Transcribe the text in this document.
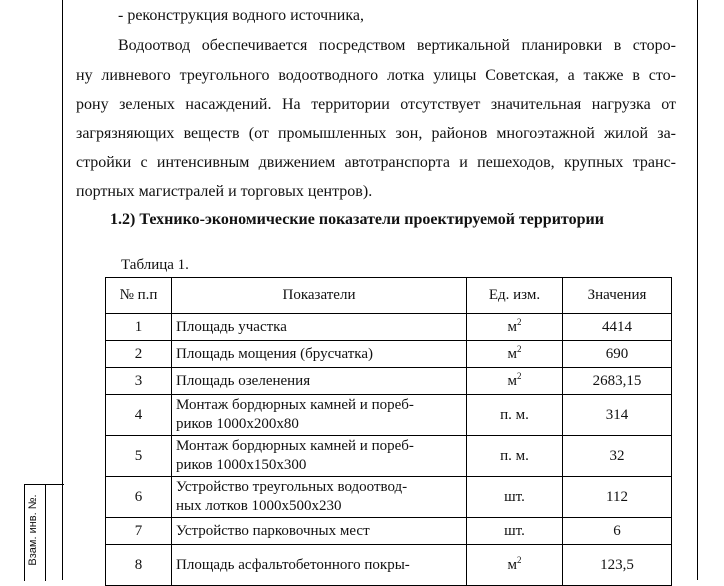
Взам. инв. №.
- реконструкция водного источника,
Водоотвод обеспечивается посредством вертикальной планировки в сторо-
ну ливневого треугольного водоотводного лотка улицы Советская, а также в сто-
рону зеленых насаждений. На территории отсутствует значительная нагрузка от
загрязняющих веществ (от промышленных зон, районов многоэтажной жилой за-
стройки с интенсивным движением автотранспорта и пешеходов, крупных транс-
портных магистралей и торговых центров).
1.2) Технико-экономические показатели проектируемой территории
Таблица 1.
№ п.п	Показатели	Ед. изм.	Значения
1	Площадь участка	$м^2$	4414
2	Площадь мощения (брусчатка)	$м^2$	690
3	Площадь озеленения	$м^2$	2683,15
4	Монтаж бордюрных камней и пореб-
риков 1000х200х80	п. м.	314
5	Монтаж бордюрных камней и пореб-
риков 1000х150х300	п. м.	32
6	Устройство треугольных водоотвод-
ных лотков 1000х500х230	шт.	112
7	Устройство парковочных мест	шт.	6
8	Площадь асфальтобетонного покры-	$м^2$	123,5
